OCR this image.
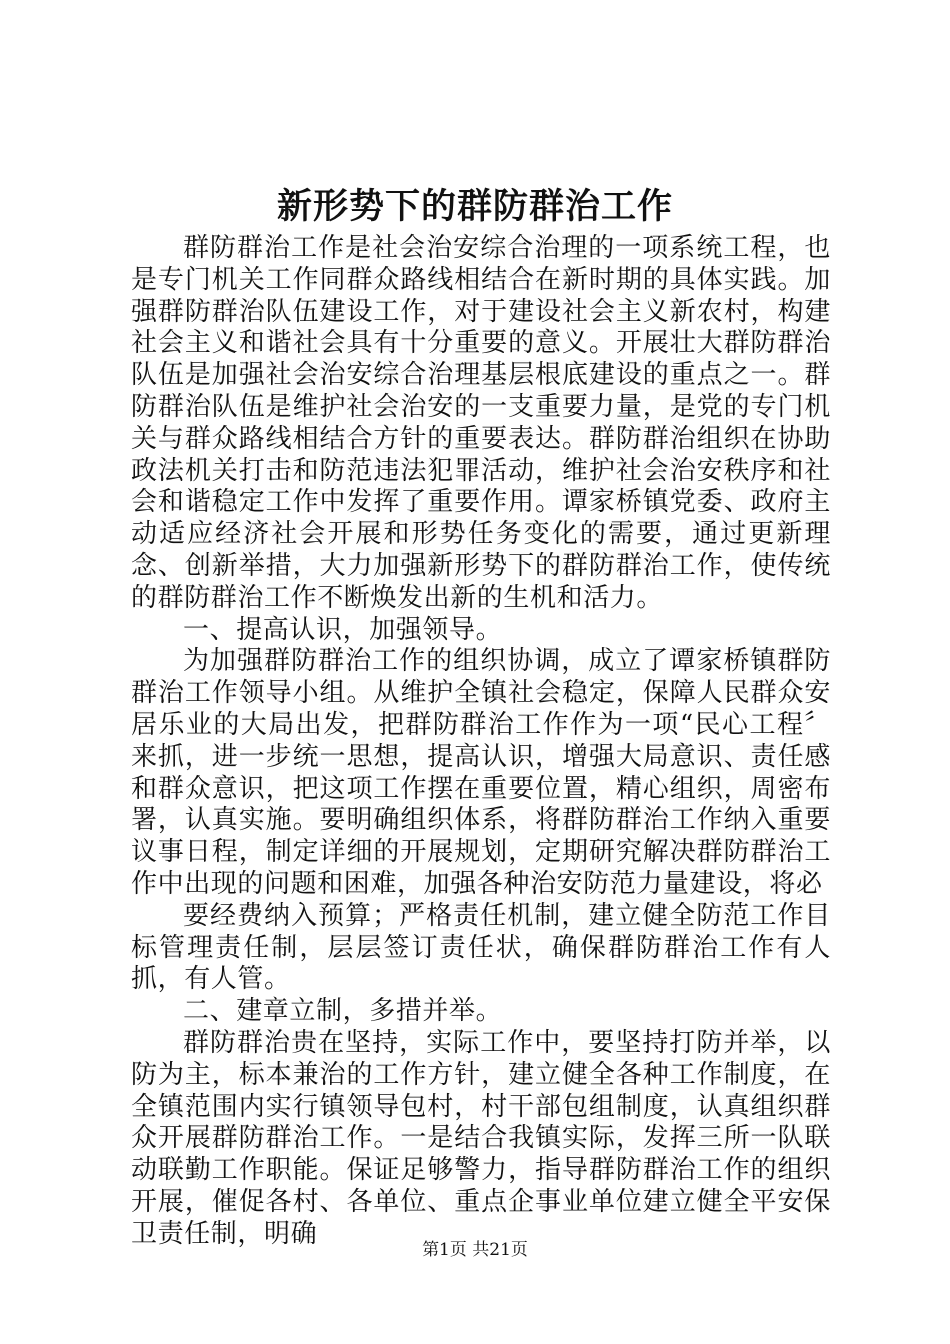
新形势下的群防群治工作

群防群治工作是社会治安综合治理的一项系统工程，也是专门机关工作同群众路线相结合在新时期的具体实践。加强群防群治队伍建设工作，对于建设社会主义新农村，构建社会主义和谐社会具有十分重要的意义。开展壮大群防群治队伍是加强社会治安综合治理基层根底建设的重点之一。群防群治队伍是维护社会治安的一支重要力量，是党的专门机关与群众路线相结合方针的重要表达。群防群治组织在协助政法机关打击和防范违法犯罪活动，维护社会治安秩序和社会和谐稳定工作中发挥了重要作用。谭家桥镇党委、政府主动适应经济社会开展和形势任务变化的需要，通过更新理念、创新举措，大力加强新形势下的群防群治工作，使传统的群防群治工作不断焕发出新的生机和活力。

一、提高认识，加强领导。

为加强群防群治工作的组织协调，成立了谭家桥镇群防群治工作领导小组。从维护全镇社会稳定，保障人民群众安居乐业的大局出发，把群防群治工作作为一项“民心工程〞来抓，进一步统一思想，提高认识，增强大局意识、责任感和群众意识，把这项工作摆在重要位置，精心组织，周密布署，认真实施。要明确组织体系，将群防群治工作纳入重要议事日程，制定详细的开展规划，定期研究解决群防群治工作中出现的问题和困难，加强各种治安防范力量建设，将必

要经费纳入预算；严格责任机制，建立健全防范工作目标管理责任制，层层签订责任状，确保群防群治工作有人抓，有人管。

二、建章立制，多措并举。

群防群治贵在坚持，实际工作中，要坚持打防并举，以防为主，标本兼治的工作方针，建立健全各种工作制度，在全镇范围内实行镇领导包村，村干部包组制度，认真组织群众开展群防群治工作。一是结合我镇实际，发挥三所一队联动联勤工作职能。保证足够警力，指导群防群治工作的组织开展，催促各村、各单位、重点企事业单位建立健全平安保卫责任制，明确

第1页 共21页
